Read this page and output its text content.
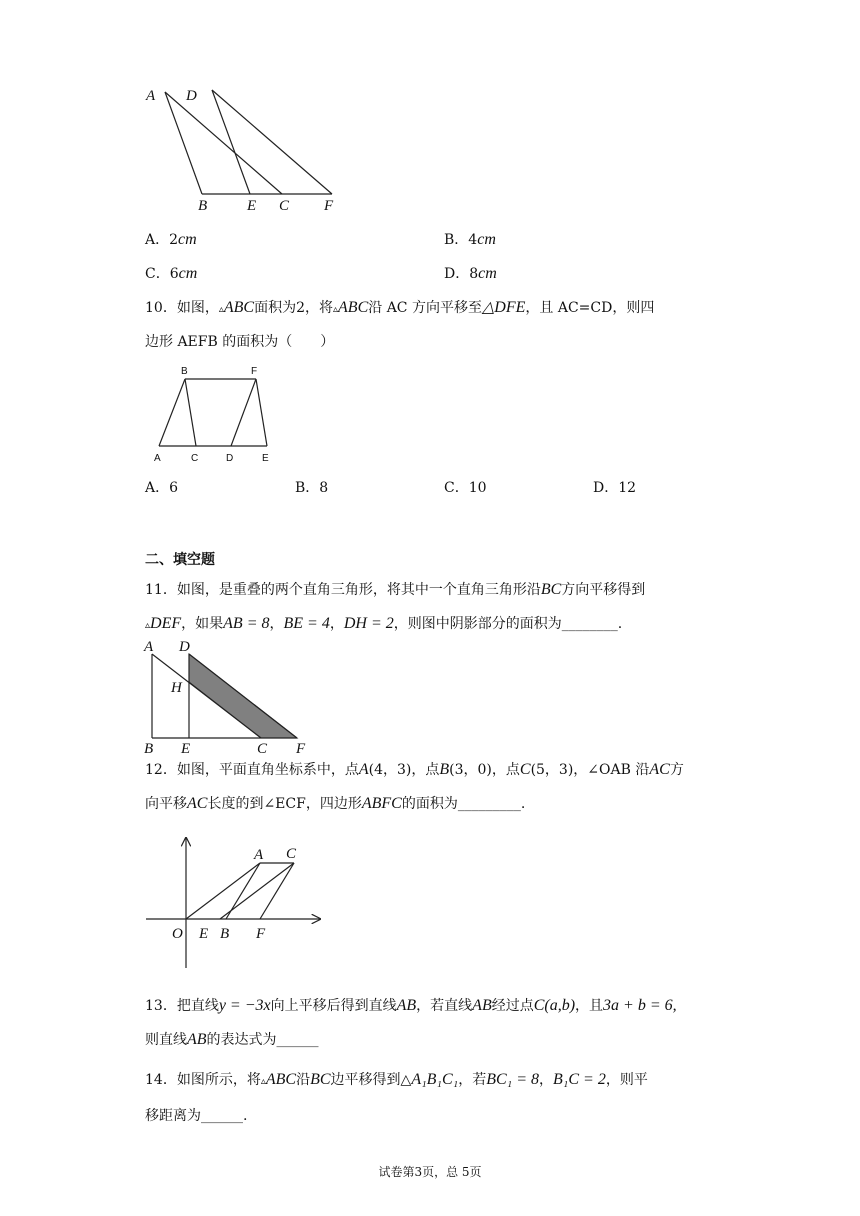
A D
B	E C F
A．2cm	B．4cm
C．6cm	D．8cm
10．如图，▵ABC面积为2，将▵ABC沿 AC 方向平移至△DFE，且 AC=CD，则四
边形 AEFB 的面积为（　　）
B	F
A	C	D	E
A．6	B．8	C．10	D．12
二、填空题
11．如图，是重叠的两个直角三角形，将其中一个直角三角形沿BC方向平移得到
▵DEF，如果AB = 8，BE = 4，DH = 2，则图中阴影部分的面积为________.
A D
H
B E	C F
12．如图，平面直角坐标系中，点A(4，3)，点B(3，0)，点C(5，3)，∠OAB 沿AC方
向平移AC长度的到∠ECF，四边形ABFC的面积为_________.
A C
O E B F
13．把直线y = −3x向上平移后得到直线AB，若直线AB经过点C(a,b)，且3a + b = 6,
则直线AB的表达式为______
14．如图所示，将▵ABC沿BC边平移得到△A₁B₁C₁，若BC₁ = 8，B₁C = 2，则平
移距离为______.
试卷第3页，总 5页
